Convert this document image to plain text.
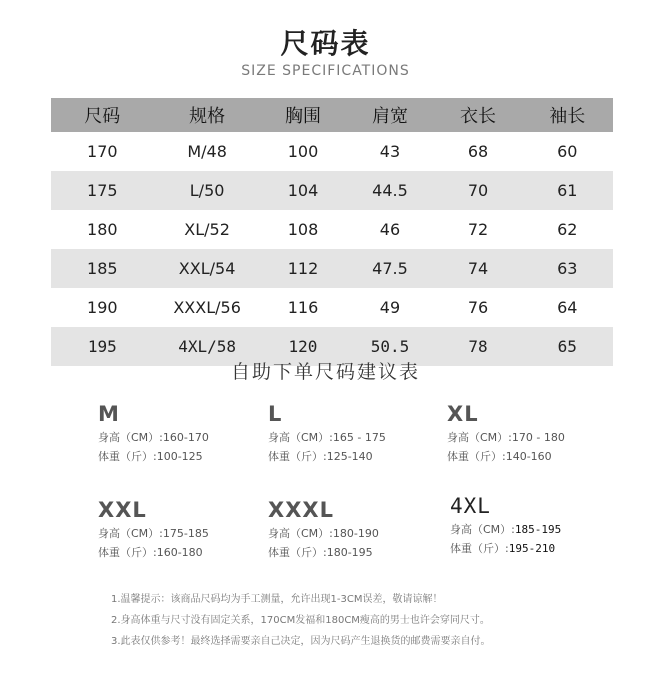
尺码表
SIZE SPECIFICATIONS
尺码	规格	胸围	肩宽	衣长	袖长
170	M/48	100	43	68	60
175	L/50	104	44.5	70	61
180	XL/52	108	46	72	62
185	XXL/54	112	47.5	74	63
190	XXXL/56	116	49	76	64
195	4XL/58	120	50.5	78	65
自助下单尺码建议表
M
身高（CM）:160-170
体重（斤）:100-125
L
身高（CM）:165 - 175
体重（斤）:125-140
XL
身高（CM）:170 - 180
体重（斤）:140-160
XXL
身高（CM）:175-185
体重（斤）:160-180
XXXL
身高（CM）:180-190
体重（斤）:180-195
4XL
身高（CM）:185-195
体重（斤）:195-210
1.温馨提示：该商品尺码均为手工测量，允许出现1-3CM误差，敬请谅解！
2.身高体重与尺寸没有固定关系，170CM发福和180CM瘦高的男士也许会穿同尺寸。
3.此表仅供参考！最终选择需要亲自己决定，因为尺码产生退换货的邮费需要亲自付。
